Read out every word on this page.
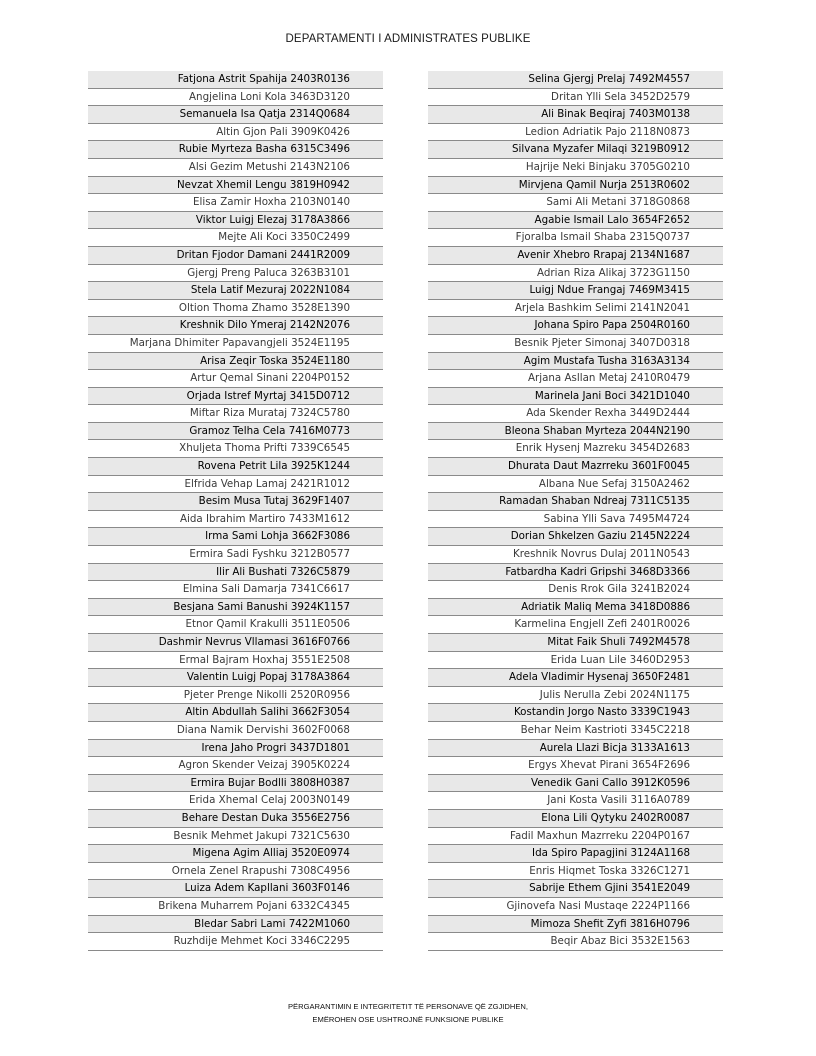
DEPARTAMENTI I ADMINISTRATES PUBLIKE
Fatjona Astrit Spahija 2403R0136
Angjelina Loni Kola 3463D3120
Semanuela Isa Qatja 2314Q0684
Altin Gjon Pali 3909K0426
Rubie Myrteza Basha 6315C3496
Alsi Gezim Metushi 2143N2106
Nevzat Xhemil Lengu 3819H0942
Elisa Zamir Hoxha 2103N0140
Viktor Luigj Elezaj 3178A3866
Mejte Ali Koci 3350C2499
Dritan Fjodor Damani 2441R2009
Gjergj Preng Paluca 3263B3101
Stela Latif Mezuraj 2022N1084
Oltion Thoma Zhamo 3528E1390
Kreshnik Dilo Ymeraj 2142N2076
Marjana Dhimiter Papavangjeli 3524E1195
Arisa Zeqir Toska 3524E1180
Artur Qemal Sinani 2204P0152
Orjada Istref Myrtaj 3415D0712
Miftar Riza Murataj 7324C5780
Gramoz Telha Cela 7416M0773
Xhuljeta Thoma Prifti 7339C6545
Rovena Petrit Lila 3925K1244
Elfrida Vehap Lamaj 2421R1012
Besim Musa Tutaj 3629F1407
Aida Ibrahim Martiro 7433M1612
Irma Sami Lohja 3662F3086
Ermira Sadi Fyshku 3212B0577
Ilir Ali Bushati 7326C5879
Elmina Sali Damarja 7341C6617
Besjana Sami Banushi 3924K1157
Etnor Qamil Krakulli 3511E0506
Dashmir Nevrus Vllamasi 3616F0766
Ermal Bajram Hoxhaj 3551E2508
Valentin Luigj Popaj 3178A3864
Pjeter Prenge Nikolli 2520R0956
Altin Abdullah Salihi 3662F3054
Diana Namik Dervishi 3602F0068
Irena Jaho Progri 3437D1801
Agron Skender Veizaj 3905K0224
Ermira Bujar Bodlli 3808H0387
Erida Xhemal Celaj 2003N0149
Behare Destan Duka 3556E2756
Besnik Mehmet Jakupi 7321C5630
Migena Agim Alliaj 3520E0974
Ornela Zenel Rrapushi 7308C4956
Luiza Adem Kapllani 3603F0146
Brikena Muharrem Pojani 6332C4345
Bledar Sabri Lami 7422M1060
Ruzhdije Mehmet Koci 3346C2295
Selina Gjergj Prelaj 7492M4557
Dritan Ylli Sela 3452D2579
Ali Binak Beqiraj 7403M0138
Ledion Adriatik Pajo 2118N0873
Silvana Myzafer Milaqi 3219B0912
Hajrije Neki Binjaku 3705G0210
Mirvjena Qamil Nurja 2513R0602
Sami Ali Metani 3718G0868
Agabie Ismail Lalo 3654F2652
Fjoralba Ismail Shaba 2315Q0737
Avenir Xhebro Rrapaj 2134N1687
Adrian Riza Alikaj 3723G1150
Luigj Ndue Frangaj 7469M3415
Arjela Bashkim Selimi 2141N2041
Johana Spiro Papa 2504R0160
Besnik Pjeter Simonaj 3407D0318
Agim Mustafa Tusha 3163A3134
Arjana Asllan Metaj 2410R0479
Marinela Jani Boci 3421D1040
Ada Skender Rexha 3449D2444
Bleona Shaban Myrteza 2044N2190
Enrik Hysenj Mazreku 3454D2683
Dhurata Daut Mazrreku 3601F0045
Albana Nue Sefaj 3150A2462
Ramadan Shaban Ndreaj 7311C5135
Sabina Ylli Sava 7495M4724
Dorian Shkelzen Gaziu 2145N2224
Kreshnik Novrus Dulaj 2011N0543
Fatbardha Kadri Gripshi 3468D3366
Denis Rrok Gila 3241B2024
Adriatik Maliq Mema 3418D0886
Karmelina Engjell Zefi 2401R0026
Mitat Faik Shuli 7492M4578
Erida Luan Lile 3460D2953
Adela Vladimir Hysenaj 3650F2481
Julis Nerulla Zebi 2024N1175
Kostandin Jorgo Nasto 3339C1943
Behar Neim Kastrioti 3345C2218
Aurela Llazi Bicja 3133A1613
Ergys Xhevat Pirani 3654F2696
Venedik Gani Callo 3912K0596
Jani Kosta Vasili 3116A0789
Elona Lili Qytyku 2402R0087
Fadil Maxhun Mazrreku 2204P0167
Ida Spiro Papagjini 3124A1168
Enris Hiqmet Toska 3326C1271
Sabrije Ethem Gjini 3541E2049
Gjinovefa Nasi Mustaqe 2224P1166
Mimoza Shefit Zyfi 3816H0796
Beqir Abaz Bici 3532E1563
PËRGARANTIMIN E INTEGRITETIT TË PERSONAVE QË ZGJIDHEN,
EMËROHEN OSE USHTROJNË FUNKSIONE PUBLIKE
